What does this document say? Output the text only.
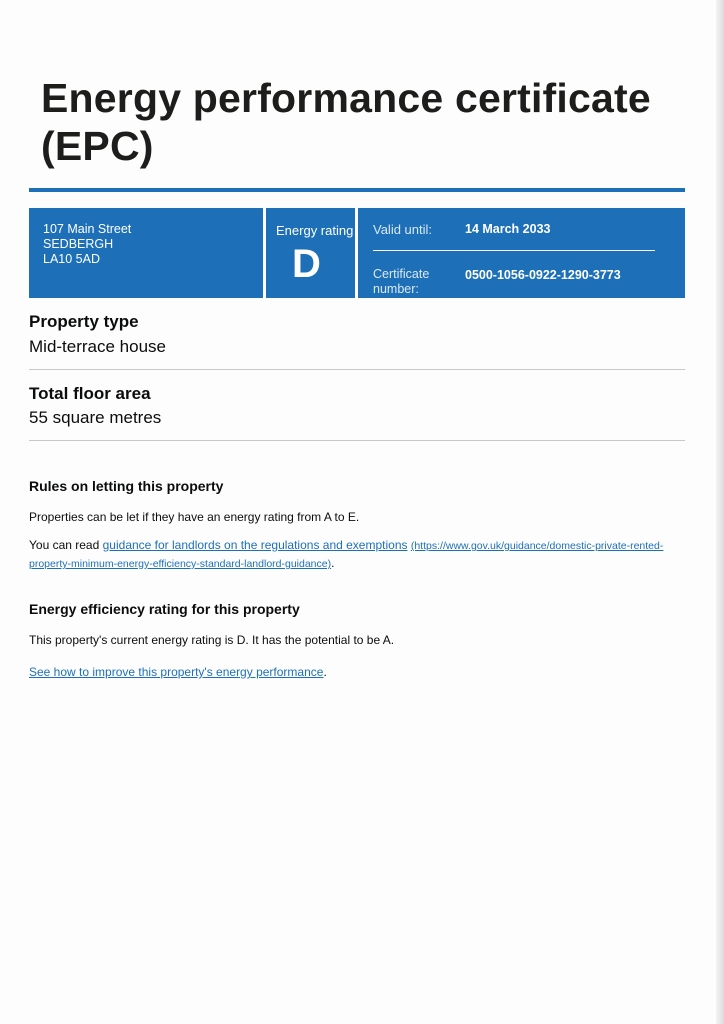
Energy performance certificate
(EPC)
107 Main Street
SEDBERGH
LA10 5AD
Energy rating
D
Valid until:	14 March 2033
Certificate number:
0500-1056-0922-1290-3773
Property type
Mid-terrace house
Total floor area
55 square metres
Rules on letting this property

Properties can be let if they have an energy rating from A to E.

You can read guidance for landlords on the regulations and exemptions (https://www.gov.uk/guidance/domestic-private-rented-
property-minimum-energy-efficiency-standard-landlord-guidance).

Energy efficiency rating for this property

This property's current energy rating is D. It has the potential to be A.

See how to improve this property's energy performance.
